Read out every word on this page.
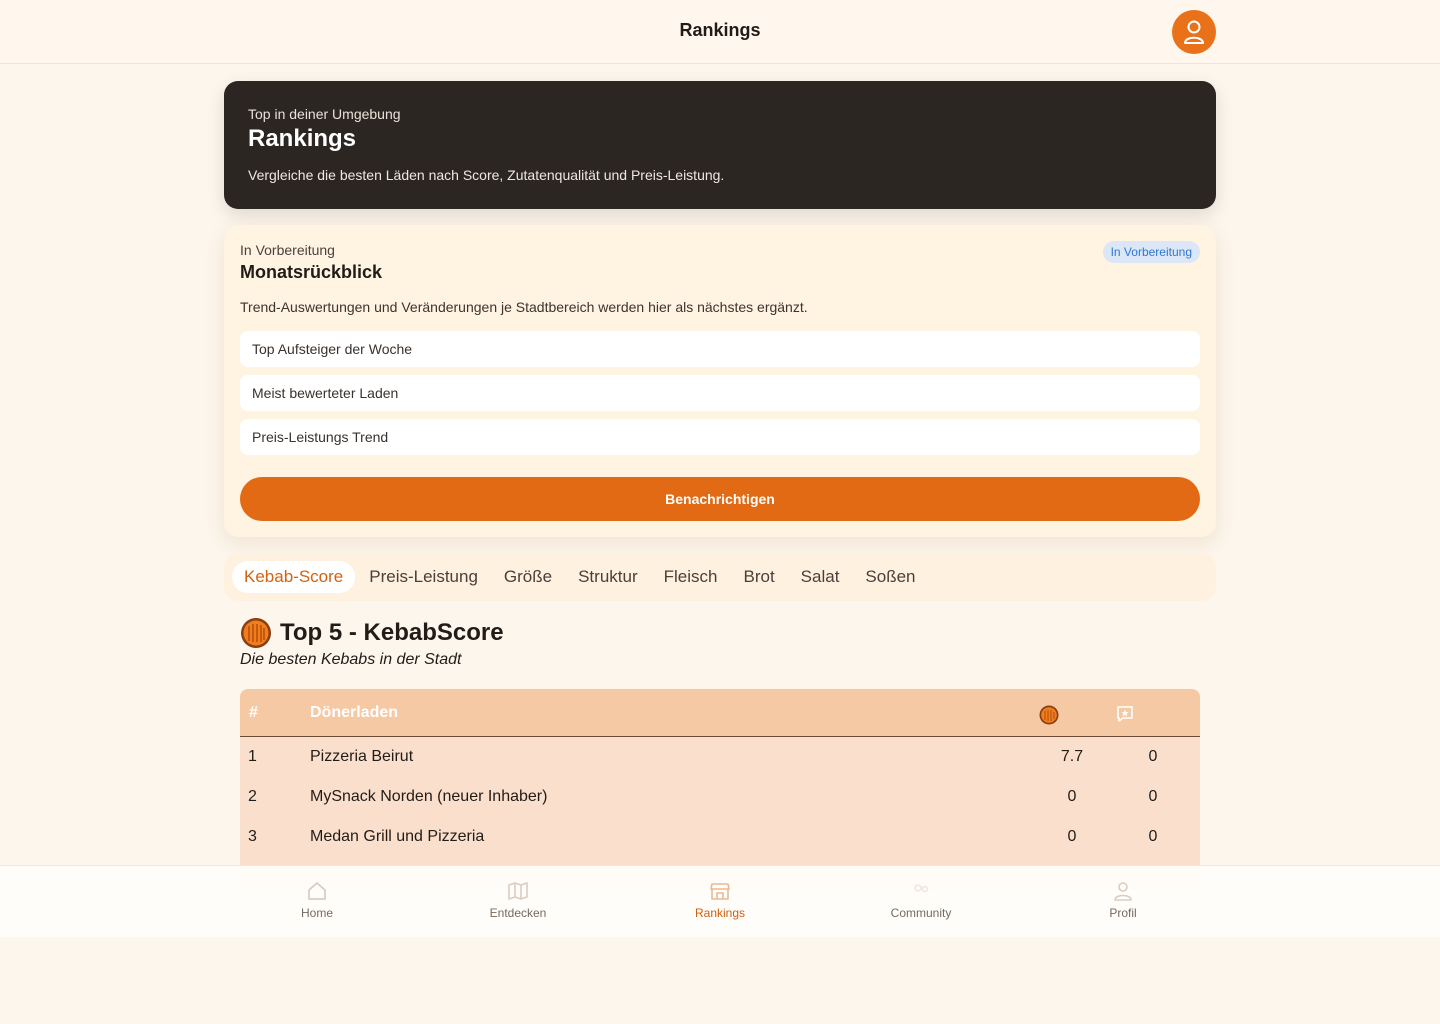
Rankings
Top in deiner Umgebung
Rankings
Vergleiche die besten Läden nach Score, Zutatenqualität und Preis-Leistung.
In Vorbereitung
Monatsrückblick
In Vorbereitung
Trend-Auswertungen und Veränderungen je Stadtbereich werden hier als nächstes ergänzt.
Top Aufsteiger der Woche
Meist bewerteter Laden
Preis-Leistungs Trend
Benachrichtigen
Kebab-Score	Preis-Leistung	Größe	Struktur	Fleisch	Brot	Salat	Soßen
Top 5 - KebabScore
Die besten Kebabs in der Stadt
#	Dönerladen
1	Pizzeria Beirut	7.7	0
2	MySnack Norden (neuer Inhaber)	0	0
3	Medan Grill und Pizzeria	0	0
Home	Entdecken	Rankings	Community	Profil
